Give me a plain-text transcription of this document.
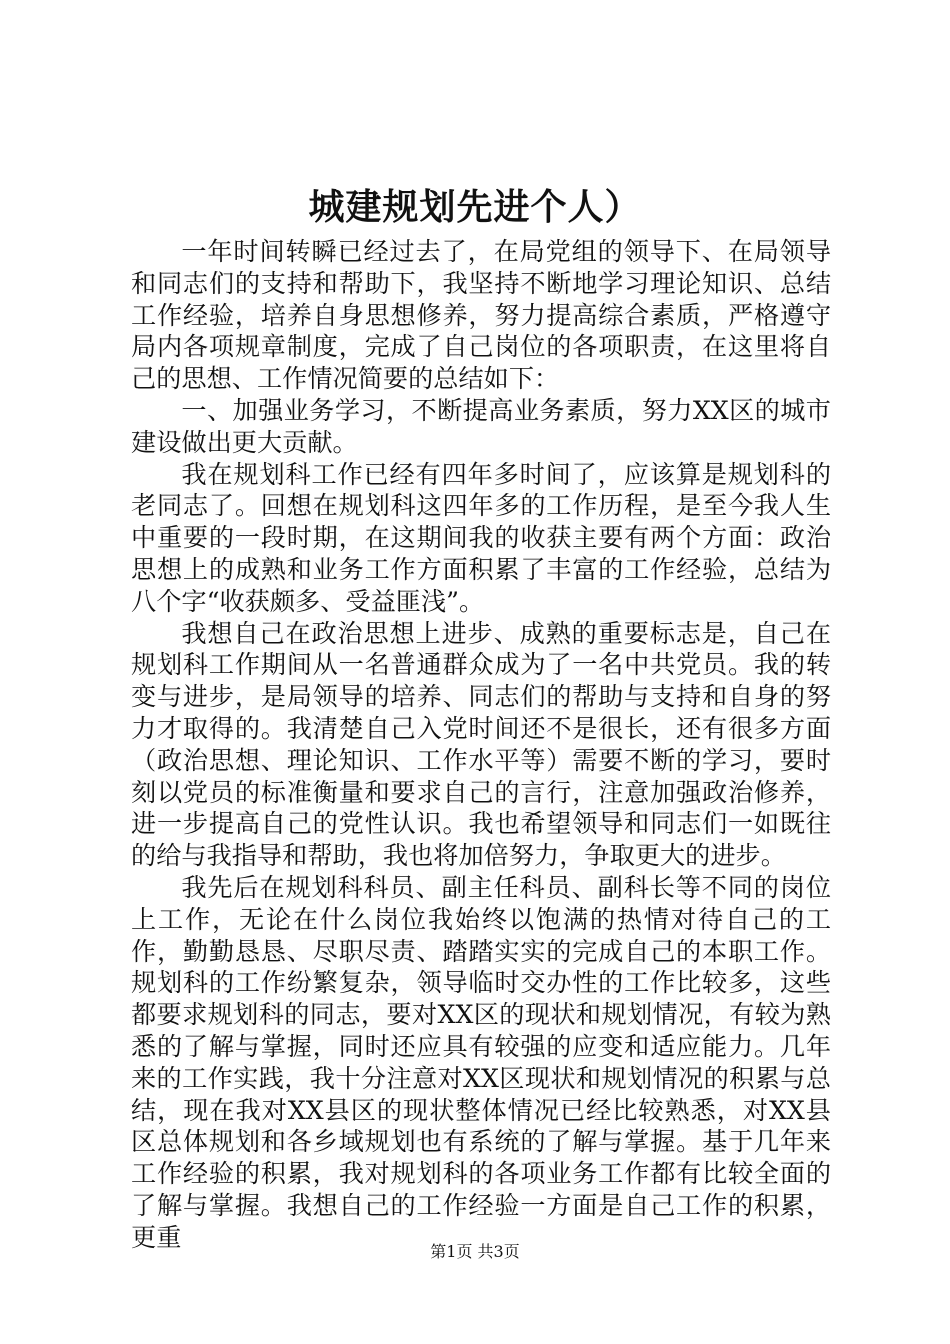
城建规划先进个人）

一年时间转瞬已经过去了，在局党组的领导下、在局领导和同志们的支持和帮助下，我坚持不断地学习理论知识、总结工作经验，培养自身思想修养，努力提高综合素质，严格遵守局内各项规章制度，完成了自己岗位的各项职责，在这里将自己的思想、工作情况简要的总结如下：

一、加强业务学习，不断提高业务素质，努力XX区的城市建设做出更大贡献。

我在规划科工作已经有四年多时间了，应该算是规划科的老同志了。回想在规划科这四年多的工作历程，是至今我人生中重要的一段时期，在这期间我的收获主要有两个方面：政治思想上的成熟和业务工作方面积累了丰富的工作经验，总结为八个字“收获颇多、受益匪浅”。

我想自己在政治思想上进步、成熟的重要标志是，自己在规划科工作期间从一名普通群众成为了一名中共党员。我的转变与进步，是局领导的培养、同志们的帮助与支持和自身的努力才取得的。我清楚自己入党时间还不是很长，还有很多方面（政治思想、理论知识、工作水平等）需要不断的学习，要时刻以党员的标准衡量和要求自己的言行，注意加强政治修养，进一步提高自己的党性认识。我也希望领导和同志们一如既往的给与我指导和帮助，我也将加倍努力，争取更大的进步。

我先后在规划科科员、副主任科员、副科长等不同的岗位上工作，无论在什么岗位我始终以饱满的热情对待自己的工作，勤勤恳恳、尽职尽责、踏踏实实的完成自己的本职工作。规划科的工作纷繁复杂，领导临时交办性的工作比较多，这些都要求规划科的同志，要对XX区的现状和规划情况，有较为熟悉的了解与掌握，同时还应具有较强的应变和适应能力。几年来的工作实践，我十分注意对XX区现状和规划情况的积累与总结，现在我对XX县区的现状整体情况已经比较熟悉，对XX县区总体规划和各乡域规划也有系统的了解与掌握。基于几年来工作经验的积累，我对规划科的各项业务工作都有比较全面的了解与掌握。我想自己的工作经验一方面是自己工作的积累，更重	第1页 共3页
